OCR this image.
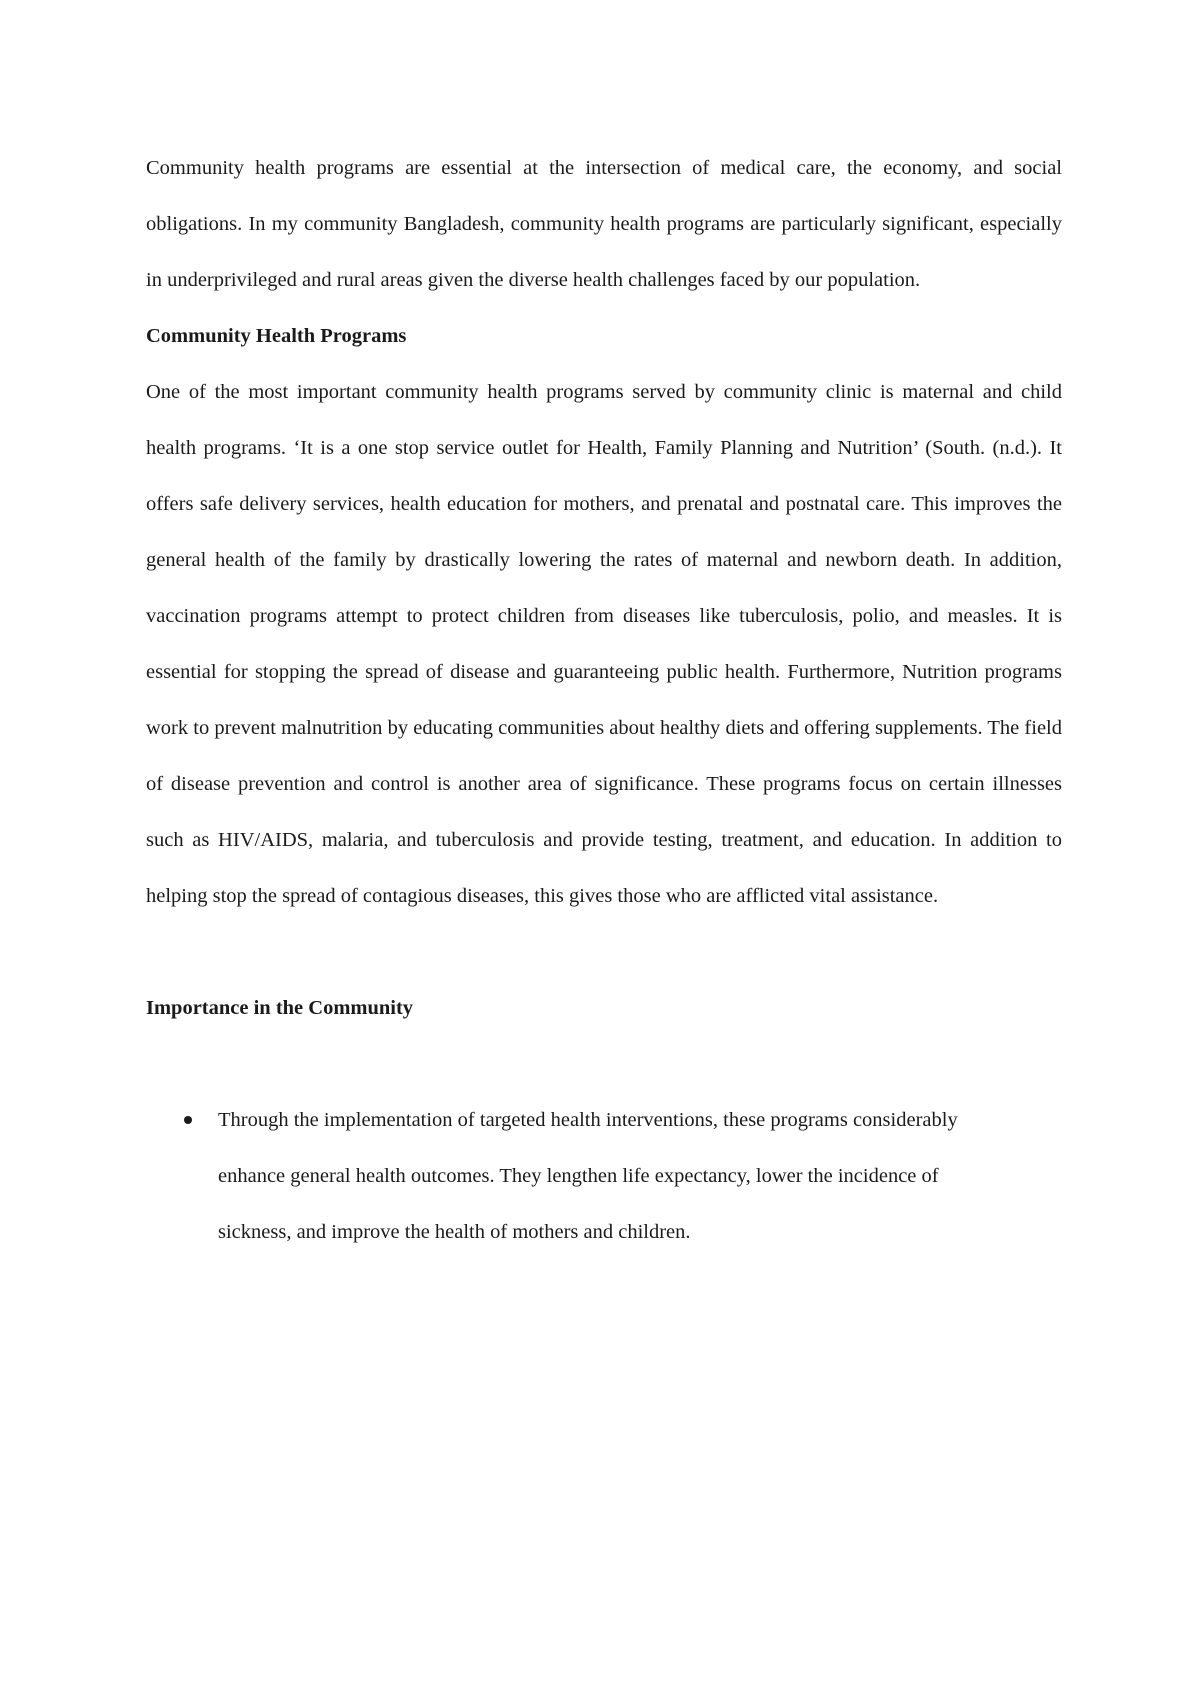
Community health programs are essential at the intersection of medical care, the economy, and social obligations. In my community Bangladesh, community health programs are particularly significant, especially in underprivileged and rural areas given the diverse health challenges faced by our population.

Community Health Programs

One of the most important community health programs served by community clinic is maternal and child health programs. ‘It is a one stop service outlet for Health, Family Planning and Nutrition’ (South. (n.d.). It offers safe delivery services, health education for mothers, and prenatal and postnatal care. This improves the general health of the family by drastically lowering the rates of maternal and newborn death. In addition, vaccination programs attempt to protect children from diseases like tuberculosis, polio, and measles. It is essential for stopping the spread of disease and guaranteeing public health. Furthermore, Nutrition programs work to prevent malnutrition by educating communities about healthy diets and offering supplements. The field of disease prevention and control is another area of significance. These programs focus on certain illnesses such as HIV/AIDS, malaria, and tuberculosis and provide testing, treatment, and education. In addition to helping stop the spread of contagious diseases, this gives those who are afflicted vital assistance.

Importance in the Community

Through the implementation of targeted health interventions, these programs considerably enhance general health outcomes. They lengthen life expectancy, lower the incidence of sickness, and improve the health of mothers and children.
